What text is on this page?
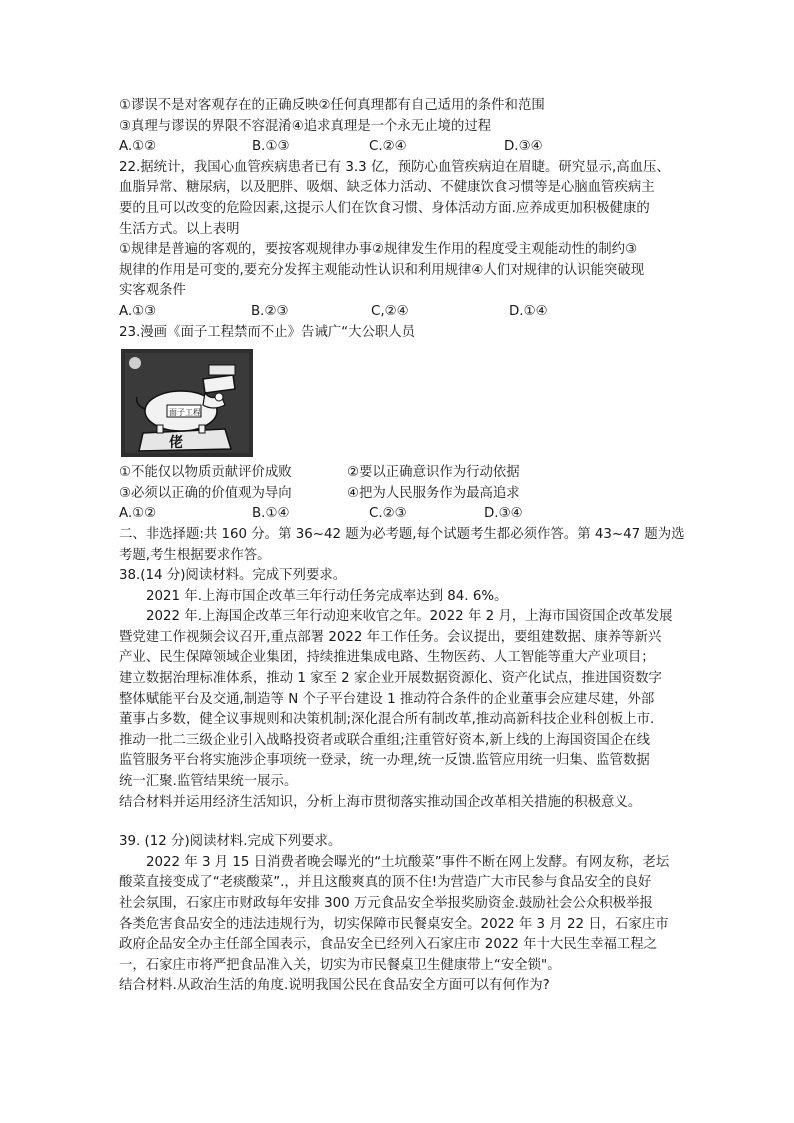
①谬误不是对客观存在的正确反映②任何真理都有自己适用的条件和范围
③真理与谬误的界限不容混淆④追求真理是一个永无止境的过程
A.①②	B.①③	C.②④	D.③④
22.据统计，我国心血管疾病患者已有 3.3 亿，预防心血管疾病迫在眉睫。研究显示,高血压、
血脂异常、糖尿病，以及肥胖、吸烟、缺乏体力活动、不健康饮食习惯等是心脑血管疾病主
要的且可以改变的危险因素,这提示人们在饮食习惯、身体活动方面.应养成更加积极健康的
生活方式。以上表明
①规律是普遍的客观的，要按客观规律办事②规律发生作用的程度受主观能动性的制约③
规律的作用是可变的,要充分发挥主观能动性认识和利用规律④人们对规律的认识能突破现
实客观条件
A.①③	B.②③	C,②④	D.①④
23.漫画《面子工程禁而不止》告诫广“大公职人员
佬
面子工程
①不能仅以物质贡献评价成败	②要以正确意识作为行动依据
③必须以正确的价值观为导向	④把为人民服务作为最高追求
A.①②	B.①④	C.②③	D.③④
二、非选择题:共 160 分。第 36~42 题为必考题,每个试题考生都必须作答。第 43~47 题为选
考题,考生根据要求作答。
38.(14 分)阅读材料。完成下列要求。
2021 年.上海市国企改革三年行动任务完成率达到 84. 6%。
2022 年.上海国企改革三年行动迎来收官之年。2022 年 2 月，上海市国资国企改革发展
暨党建工作视频会议召开,重点部署 2022 年工作任务。会议提出，要组建数据、康养等新兴
产业、民生保障领域企业集团，持续推进集成电路、生物医药、人工智能等重大产业项目；
建立数据治理标准体系，推动 1 家至 2 家企业开展数据资源化、资产化试点，推进国资数字
整体赋能平台及交通,制造等 N 个子平台建设 1 推动符合条件的企业董事会应建尽建，外部
董事占多数，健全议事规则和决策机制;深化混合所有制改革,推动高新科技企业科创板上市.
推动一批二三级企业引入战略投资者或联合重组;注重管好资本,新上线的上海国资国企在线
监管服务平台将实施涉企事项统一登录，统一办理,统一反馈.监管应用统一归集、监管数据
统一汇聚.监管结果统一展示。
结合材料并运用经济生活知识，分析上海市贯彻落实推动国企改革相关措施的积极意义。
39. (12 分)阅读材料.完成下列要求。
2022 年 3 月 15 日消费者晚会曝光的“土坑酸菜”事件不断在网上发酵。有网友称，老坛
酸菜直接变成了“老痰酸菜”.，并且这酸爽真的顶不住!为营造广大市民参与食品安全的良好
社会氛围，石家庄市财政每年安排 300 万元食品安全举报奖励资金.鼓励社会公众积极举报
各类危害食品安全的违法违规行为，切实保障市民餐桌安全。2022 年 3 月 22 日，石家庄市
政府企品安全办主任部全国表示，食品安全已经列入石家庄市 2022 年十大民生幸福工程之
一，石家庄市将严把食品准入关，切实为市民餐桌卫生健康带上“安全锁"。
结合材料.从政治生活的角度.说明我国公民在食品安全方面可以有何作为?
